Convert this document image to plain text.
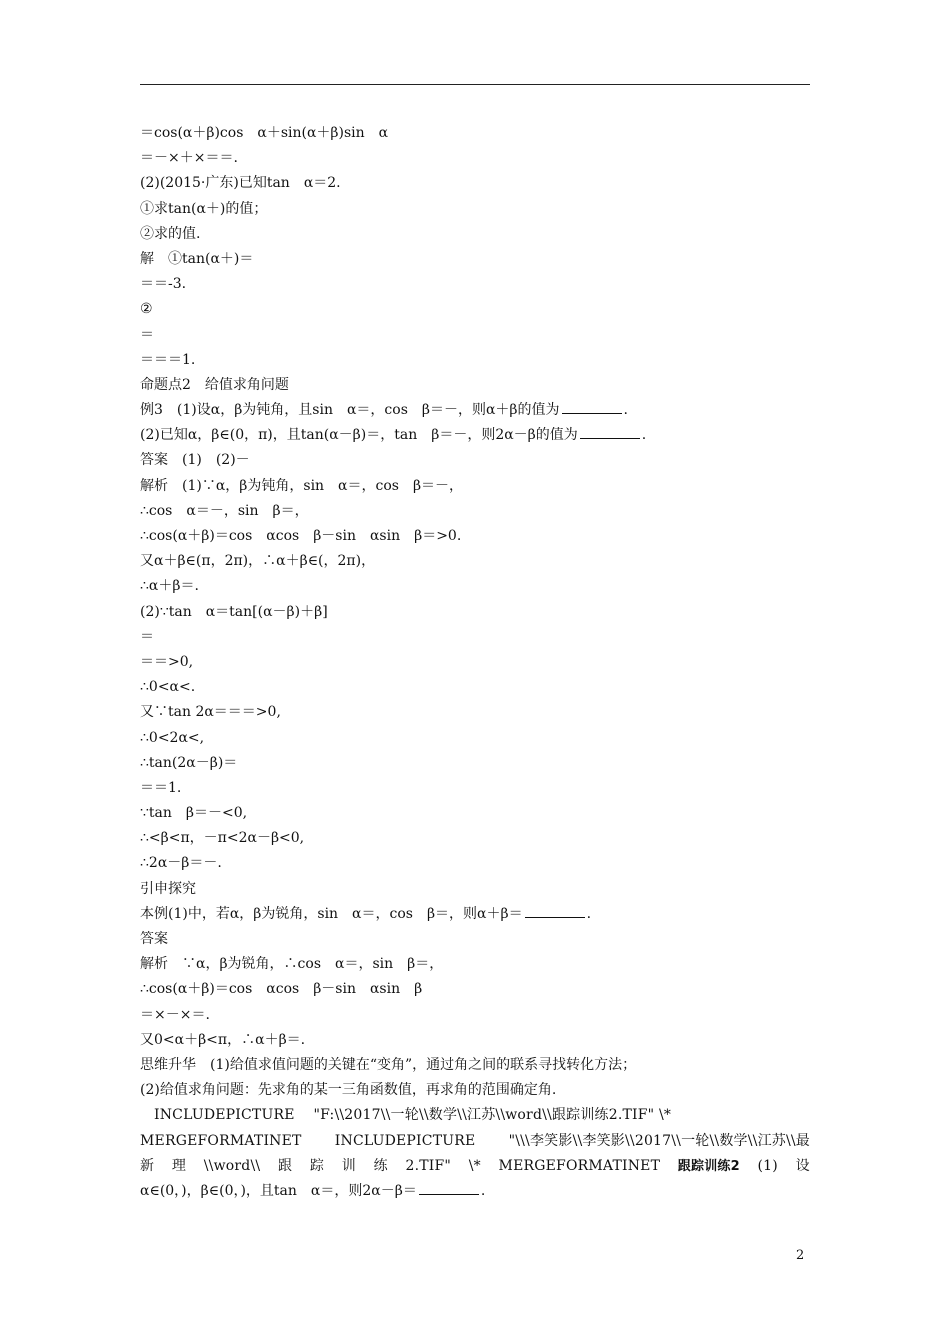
＝cos(α＋β)cos　α＋sin(α＋β)sin　α
＝－×＋×＝＝.
(2)(2015·广东)已知tan　α＝2.
①求tan(α＋)的值；
②求的值.
解　①tan(α＋)＝
＝＝-3.
②
＝
＝＝＝1.
命题点2　给值求角问题
例3　(1)设α，β为钝角，且sin　α＝，cos　β＝－，则α＋β的值为	.
(2)已知α，β∈(0，π)，且tan(α－β)＝，tan　β＝－，则2α－β的值为	.
答案　(1)　(2)－
解析　(1)∵α，β为钝角，sin　α＝，cos　β＝－，
∴cos　α＝－，sin　β＝，
∴cos(α＋β)＝cos　αcos　β－sin　αsin　β＝>0.
又α＋β∈(π，2π)，∴α＋β∈(，2π)，
∴α＋β＝.
(2)∵tan　α＝tan[(α－β)＋β]
＝
＝＝>0,
∴0<α<.
又∵tan 2α＝＝＝>0,
∴0<2α<,
∴tan(2α－β)＝
＝＝1.
∵tan　β＝－<0,
∴<β<π，－π<2α－β<0,
∴2α－β＝－.
引申探究
本例(1)中，若α，β为锐角，sin　α＝，cos　β＝，则α＋β＝	.
答案
解析　∵α，β为锐角，∴cos　α＝，sin　β＝，
∴cos(α＋β)＝cos　αcos　β－sin　αsin　β
＝×－×＝.
又0<α＋β<π，∴α＋β＝.
思维升华　(1)给值求值问题的关键在“变角”，通过角之间的联系寻找转化方法；
(2)给值求角问题：先求角的某一三角函数值，再求角的范围确定角.
INCLUDEPICTURE　 "F:\\2017\\一轮\\数学\\江苏\\word\\跟踪训练2.TIF" \*
MERGEFORMATINET INCLUDEPICTURE "\\\李笑影\\李笑影\\2017\\一轮\\数学\\江苏\\最
新 理 \\word\\ 跟 踪 训 练 2.TIF" \* MERGEFORMATINET 跟踪训练2 (1) 设
α∈(0，)，β∈(0，)，且tan　α＝，则2α－β＝	.
2
